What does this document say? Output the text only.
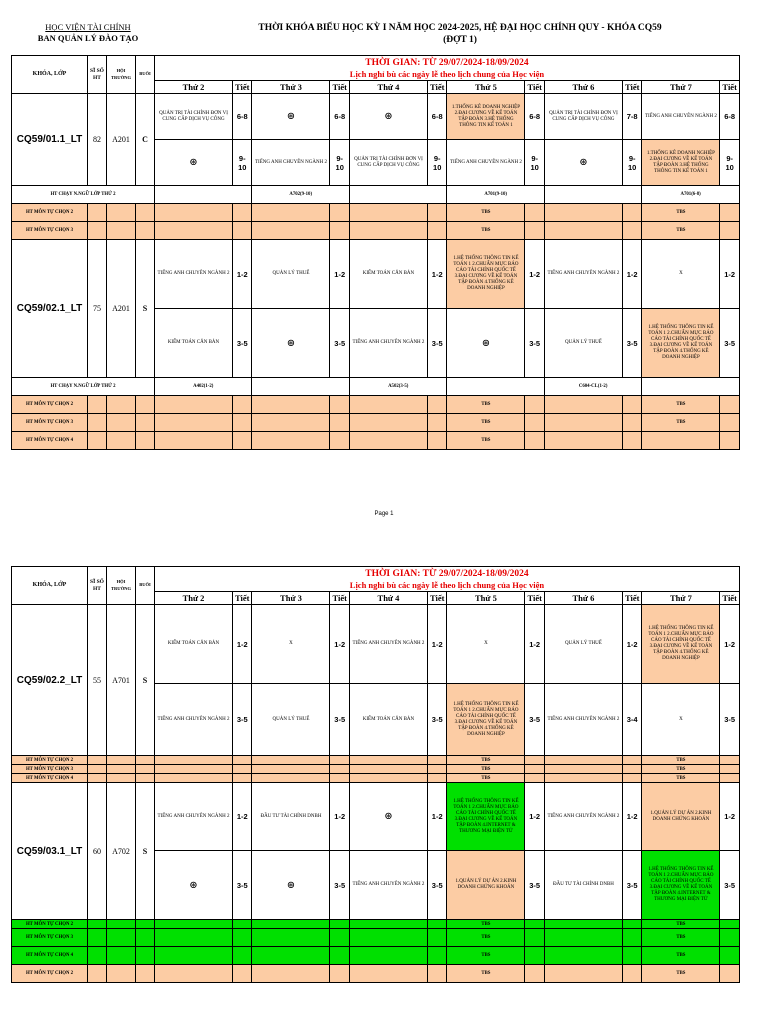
HỌC VIỆN TÀI CHÍNH
BAN QUẢN LÝ ĐÀO TẠO
THỜI KHÓA BIỂU HỌC KỲ I NĂM HỌC 2024-2025, HỆ ĐẠI HỌC CHÍNH QUY - KHÓA CQ59
(ĐỢT 1)
KHÓA, LỚP	SĨ SỐ HT	HỘI TRƯỜNG	BUỔI	THỜI GIAN: TỪ 29/07/2024-18/09/2024
Lịch nghỉ bù các ngày lễ theo lịch chung của Học viện											

				Thứ 2	Tiết	Thứ 3	Tiết	Thứ 4	Tiết	Thứ 5	Tiết	Thứ 6	Tiết	Thứ 7	Tiết
CQ59/01.1_LT	82	A201	C	QUẢN TRỊ TÀI CHÍNH ĐƠN VỊ CUNG CẤP DỊCH VỤ CÔNG	6-8	⊛	6-8	⊛	6-8	1.THỐNG KÊ DOANH NGHIỆP 2.ĐẠI CƯƠNG VỀ KẾ TOÁN TẬP ĐOÀN 3.HỆ THỐNG THÔNG TIN KẾ TOÁN 1	6-8	QUẢN TRỊ TÀI CHÍNH ĐƠN VỊ CUNG CẤP DỊCH VỤ CÔNG	7-8	TIẾNG ANH CHUYÊN NGÀNH 2	6-8
				⊛	9-10	TIẾNG ANH CHUYÊN NGÀNH 2	9-10	QUẢN TRỊ TÀI CHÍNH ĐƠN VỊ CUNG CẤP DỊCH VỤ CÔNG	9-10	TIẾNG ANH CHUYÊN NGÀNH 2	9-10	⊛	9-10	1.THỐNG KÊ DOANH NGHIỆP 2.ĐẠI CƯƠNG VỀ KẾ TOÁN TẬP ĐOÀN 3.HỆ THỐNG THÔNG TIN KẾ TOÁN 1	9-10
HT CHẠY N.NGỮ LỚP THỨ 2						A702(9-10)				A701(9-10)				A701(6-8)	
HT MÔN TỰ CHỌN 2										TBS				TBS	
HT MÔN TỰ CHỌN 3										TBS				TBS	
CQ59/02.1_LT	75	A201	S	TIẾNG ANH CHUYÊN NGÀNH 2	1-2	QUẢN LÝ THUẾ	1-2	KIỂM TOÁN CĂN BẢN	1-2	1.HỆ THỐNG THÔNG TIN KẾ TOÁN 1 2.CHUẨN MỰC BÁO CÁO TÀI CHÍNH QUỐC TẾ 3.ĐẠI CƯƠNG VỀ KẾ TOÁN TẬP ĐOÀN 4.THỐNG KÊ DOANH NGHIỆP	1-2	TIẾNG ANH CHUYÊN NGÀNH 2	1-2	X	1-2
				KIỂM TOÁN CĂN BẢN	3-5	⊛	3-5	TIẾNG ANH CHUYÊN NGÀNH 2	3-5	⊛	3-5	QUẢN LÝ THUẾ	3-5	1.HỆ THỐNG THÔNG TIN KẾ TOÁN 1 2.CHUẨN MỰC BÁO CÁO TÀI CHÍNH QUỐC TẾ 3.ĐẠI CƯƠNG VỀ KẾ TOÁN TẬP ĐOÀN 4.THỐNG KÊ DOANH NGHIỆP	3-5
HT CHẠY N.NGỮ LỚP THỨ 2				A402(1-2)				A502(3-5)				C604-CL(1-2)			
HT MÔN TỰ CHỌN 2										TBS				TBS	
HT MÔN TỰ CHỌN 3										TBS				TBS	
HT MÔN TỰ CHỌN 4										TBS					
Page 1
KHÓA, LỚP	SĨ SỐ HT	HỘI TRƯỜNG	BUỔI	THỜI GIAN: TỪ 29/07/2024-18/09/2024
Lịch nghỉ bù các ngày lễ theo lịch chung của Học viện											

				Thứ 2	Tiết	Thứ 3	Tiết	Thứ 4	Tiết	Thứ 5	Tiết	Thứ 6	Tiết	Thứ 7	Tiết
CQ59/02.2_LT	55	A701	S	KIỂM TOÁN CĂN BẢN	1-2	X	1-2	TIẾNG ANH CHUYÊN NGÀNH 2	1-2	X	1-2	QUẢN LÝ THUẾ	1-2	1.HỆ THỐNG THÔNG TIN KẾ TOÁN 1 2.CHUẨN MỰC BÁO CÁO TÀI CHÍNH QUỐC TẾ 3.ĐẠI CƯƠNG VỀ KẾ TOÁN TẬP ĐOÀN 4.THỐNG KÊ DOANH NGHIỆP	1-2
				TIẾNG ANH CHUYÊN NGÀNH 2	3-5	QUẢN LÝ THUẾ	3-5	KIỂM TOÁN CĂN BẢN	3-5	1.HỆ THỐNG THÔNG TIN KẾ TOÁN 1 2.CHUẨN MỰC BÁO CÁO TÀI CHÍNH QUỐC TẾ 3.ĐẠI CƯƠNG VỀ KẾ TOÁN TẬP ĐOÀN 4.THỐNG KÊ DOANH NGHIỆP	3-5	TIẾNG ANH CHUYÊN NGÀNH 2	3-4	X	3-5
HT MÔN TỰ CHỌN 2										TBS				TBS	
HT MÔN TỰ CHỌN 3										TBS				TBS	
HT MÔN TỰ CHỌN 4										TBS				TBS	
CQ59/03.1_LT	60	A702	S	TIẾNG ANH CHUYÊN NGÀNH 2	1-2	ĐẦU TƯ TÀI CHÍNH DNBH	1-2	⊛	1-2	1.HỆ THỐNG THÔNG TIN KẾ TOÁN 1 2.CHUẨN MỰC BÁO CÁO TÀI CHÍNH QUỐC TẾ 3.ĐẠI CƯƠNG VỀ KẾ TOÁN TẬP ĐOÀN 4.INTERNET & THƯƠNG MẠI ĐIỆN TỬ	1-2	TIẾNG ANH CHUYÊN NGÀNH 2	1-2	1.QUẢN LÝ DỰ ÁN 2.KINH DOANH CHỨNG KHOÁN	1-2
				⊛	3-5	⊛	3-5	TIẾNG ANH CHUYÊN NGÀNH 2	3-5	1.QUẢN LÝ DỰ ÁN 2.KINH DOANH CHỨNG KHOÁN	3-5	ĐẦU TƯ TÀI CHÍNH DNBH	3-5	1.HỆ THỐNG THÔNG TIN KẾ TOÁN 1 2.CHUẨN MỰC BÁO CÁO TÀI CHÍNH QUỐC TẾ 3.ĐẠI CƯƠNG VỀ KẾ TOÁN TẬP ĐOÀN 4.INTERNET & THƯƠNG MẠI ĐIỆN TỬ	3-5
HT MÔN TỰ CHỌN 2										TBS				TBS	
HT MÔN TỰ CHỌN 3										TBS				TBS	
HT MÔN TỰ CHỌN 4										TBS				TBS	
HT MÔN TỰ CHỌN 2										TBS				TBS	
